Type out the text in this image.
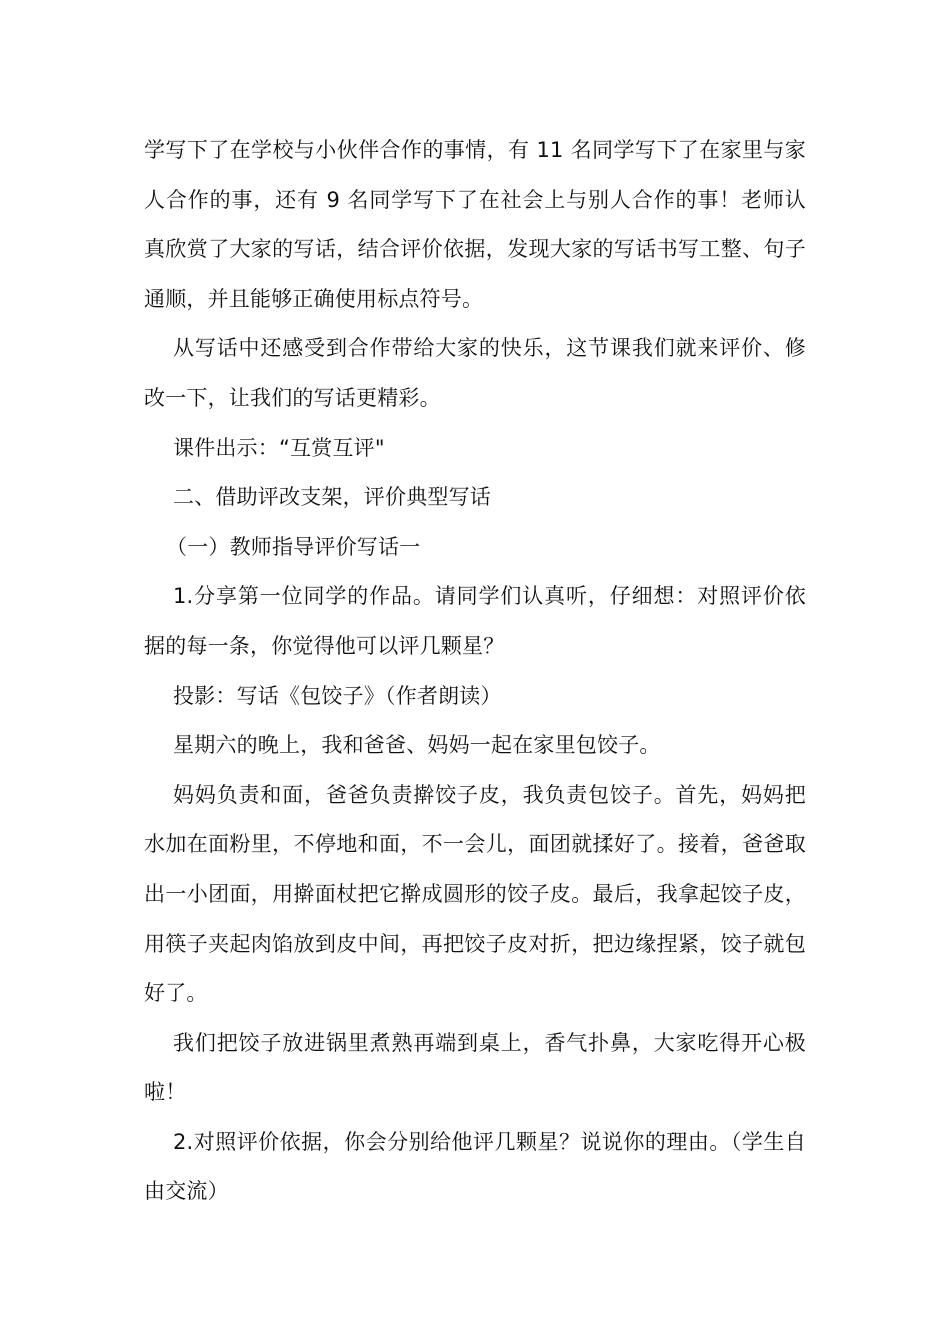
学写下了在学校与小伙伴合作的事情，有 11 名同学写下了在家里与家人合作的事，还有 9 名同学写下了在社会上与别人合作的事！老师认真欣赏了大家的写话，结合评价依据，发现大家的写话书写工整、句子通顺，并且能够正确使用标点符号。

从写话中还感受到合作带给大家的快乐，这节课我们就来评价、修改一下，让我们的写话更精彩。

课件出示：“互赏互评"

二、借助评改支架，评价典型写话

（一）教师指导评价写话一

1.分享第一位同学的作品。请同学们认真听，仔细想：对照评价依据的每一条，你觉得他可以评几颗星？

投影：写话《包饺子》（作者朗读）

星期六的晚上，我和爸爸、妈妈一起在家里包饺子。

妈妈负责和面，爸爸负责擀饺子皮，我负责包饺子。首先，妈妈把水加在面粉里，不停地和面，不一会儿，面团就揉好了。接着，爸爸取出一小团面，用擀面杖把它擀成圆形的饺子皮。最后，我拿起饺子皮，用筷子夹起肉馅放到皮中间，再把饺子皮对折，把边缘捏紧，饺子就包好了。

我们把饺子放进锅里煮熟再端到桌上，香气扑鼻，大家吃得开心极啦！

2.对照评价依据，你会分别给他评几颗星？说说你的理由。（学生自由交流）
